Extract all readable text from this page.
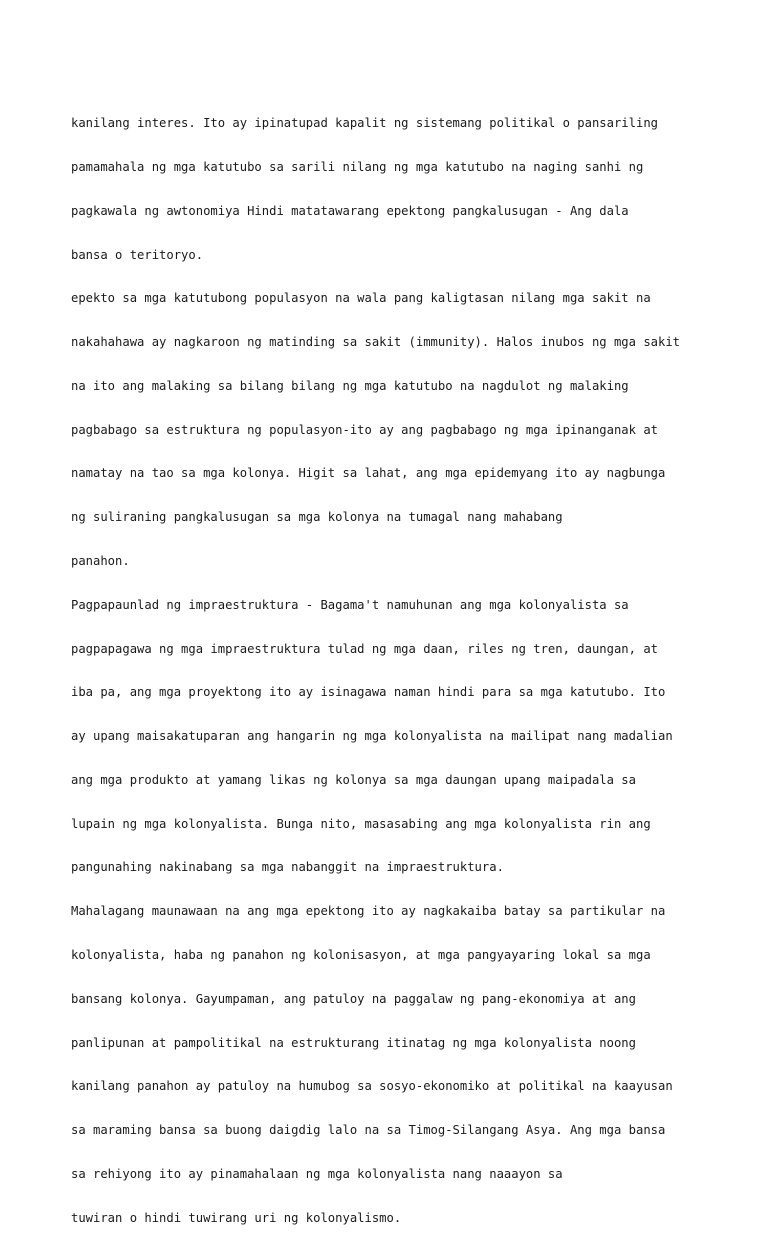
kanilang interes. Ito ay ipinatupad kapalit ng sistemang politikal o pansariling

pamamahala ng mga katutubo sa sarili nilang ng mga katutubo na naging sanhi ng

pagkawala ng awtonomiya Hindi matatawarang epektong pangkalusugan - Ang dala

bansa o teritoryo.

epekto sa mga katutubong populasyon na wala pang kaligtasan nilang mga sakit na

nakahahawa ay nagkaroon ng matinding sa sakit (immunity). Halos inubos ng mga sakit

na ito ang malaking sa bilang bilang ng mga katutubo na nagdulot ng malaking

pagbabago sa estruktura ng populasyon-ito ay ang pagbabago ng mga ipinanganak at

namatay na tao sa mga kolonya. Higit sa lahat, ang mga epidemyang ito ay nagbunga

ng suliraning pangkalusugan sa mga kolonya na tumagal nang mahabang

panahon.

Pagpapaunlad ng impraestruktura - Bagama't namuhunan ang mga kolonyalista sa

pagpapagawa ng mga impraestruktura tulad ng mga daan, riles ng tren, daungan, at

iba pa, ang mga proyektong ito ay isinagawa naman hindi para sa mga katutubo. Ito

ay upang maisakatuparan ang hangarin ng mga kolonyalista na mailipat nang madalian

ang mga produkto at yamang likas ng kolonya sa mga daungan upang maipadala sa

lupain ng mga kolonyalista. Bunga nito, masasabing ang mga kolonyalista rin ang

pangunahing nakinabang sa mga nabanggit na impraestruktura.

Mahalagang maunawaan na ang mga epektong ito ay nagkakaiba batay sa partikular na

kolonyalista, haba ng panahon ng kolonisasyon, at mga pangyayaring lokal sa mga

bansang kolonya. Gayumpaman, ang patuloy na paggalaw ng pang-ekonomiya at ang

panlipunan at pampolitikal na estrukturang itinatag ng mga kolonyalista noong

kanilang panahon ay patuloy na humubog sa sosyo-ekonomiko at politikal na kaayusan

sa maraming bansa sa buong daigdig lalo na sa Timog-Silangang Asya. Ang mga bansa

sa rehiyong ito ay pinamahalaan ng mga kolonyalista nang naaayon sa

tuwiran o hindi tuwirang uri ng kolonyalismo.
